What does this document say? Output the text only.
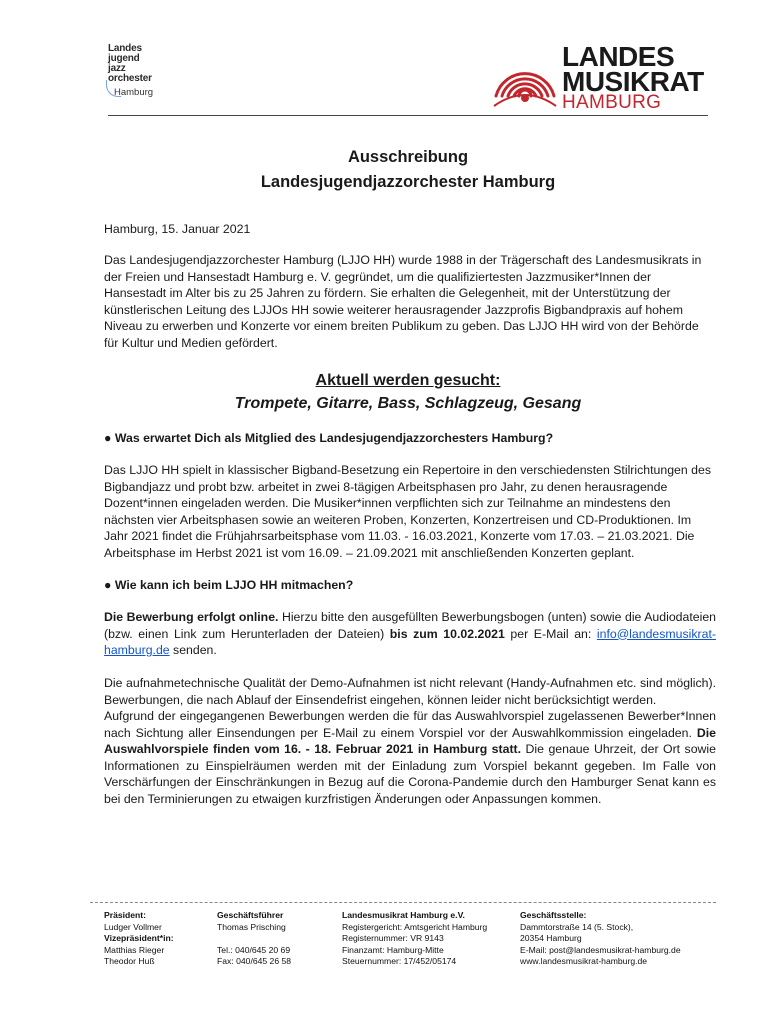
Landes
jugend
jazz
orchester
Hamburg
LANDES
MUSIKRAT
HAMBURG
Ausschreibung
Landesjugendjazzorchester Hamburg
Hamburg, 15. Januar 2021
Das Landesjugendjazzorchester Hamburg (LJJO HH) wurde 1988 in der Trägerschaft des Landesmusikrats in der Freien und Hansestadt Hamburg e. V. gegründet, um die qualifiziertesten Jazzmusiker*Innen der Hansestadt im Alter bis zu 25 Jahren zu fördern. Sie erhalten die Gelegenheit, mit der Unterstützung der künstlerischen Leitung des LJJOs HH sowie weiterer herausragender Jazzprofis Bigbandpraxis auf hohem Niveau zu erwerben und Konzerte vor einem breiten Publikum zu geben. Das LJJO HH wird von der Behörde für Kultur und Medien gefördert.
Aktuell werden gesucht:
Trompete, Gitarre, Bass, Schlagzeug, Gesang
● Was erwartet Dich als Mitglied des Landesjugendjazzorchesters Hamburg?
Das LJJO HH spielt in klassischer Bigband-Besetzung ein Repertoire in den verschiedensten Stilrichtungen des Bigbandjazz und probt bzw. arbeitet in zwei 8-tägigen Arbeitsphasen pro Jahr, zu denen herausragende Dozent*innen eingeladen werden. Die Musiker*innen verpflichten sich zur Teilnahme an mindestens den nächsten vier Arbeitsphasen sowie an weiteren Proben, Konzerten, Konzertreisen und CD-Produktionen. Im Jahr 2021 findet die Frühjahrsarbeitsphase vom 11.03. - 16.03.2021, Konzerte vom 17.03. – 21.03.2021. Die Arbeitsphase im Herbst 2021 ist vom 16.09. – 21.09.2021 mit anschließenden Konzerten geplant.
● Wie kann ich beim LJJO HH mitmachen?
Die Bewerbung erfolgt online. Hierzu bitte den ausgefüllten Bewerbungsbogen (unten) sowie die Audiodateien (bzw. einen Link zum Herunterladen der Dateien) bis zum 10.02.2021 per E-Mail an: info@landesmusikrat-hamburg.de senden.
Die aufnahmetechnische Qualität der Demo-Aufnahmen ist nicht relevant (Handy-Aufnahmen etc. sind möglich). Bewerbungen, die nach Ablauf der Einsendefrist eingehen, können leider nicht berücksichtigt werden.
Aufgrund der eingegangenen Bewerbungen werden die für das Auswahlvorspiel zugelassenen Bewerber*Innen nach Sichtung aller Einsendungen per E-Mail zu einem Vorspiel vor der Auswahlkommission eingeladen. Die Auswahlvorspiele finden vom 16. - 18. Februar 2021 in Hamburg statt. Die genaue Uhrzeit, der Ort sowie Informationen zu Einspielräumen werden mit der Einladung zum Vorspiel bekannt gegeben. Im Falle von Verschärfungen der Einschränkungen in Bezug auf die Corona-Pandemie durch den Hamburger Senat kann es bei den Terminierungen zu etwaigen kurzfristigen Änderungen oder Anpassungen kommen.
Präsident:
Ludger Vollmer
Vizepräsident*in:
Matthias Rieger
Theodor Huß
Geschäftsführer
Thomas Prisching

Tel.: 040/645 20 69
Fax: 040/645 26 58
Landesmusikrat Hamburg e.V.
Registergericht: Amtsgericht Hamburg
Registernummer: VR 9143
Finanzamt: Hamburg-Mitte
Steuernummer: 17/452/05174
Geschäftsstelle:
Dammtorstraße 14 (5. Stock),
20354 Hamburg
E-Mail: post@landesmusikrat-hamburg.de
www.landesmusikrat-hamburg.de
